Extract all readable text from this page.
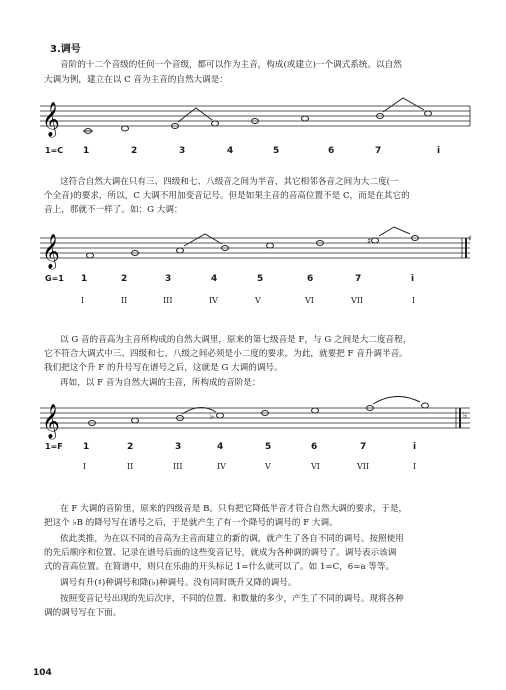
3.调号
音阶的十二个音级的任何一个音级，都可以作为主音，构成(或建立)一个调式系统。以自然
大调为例，建立在以 C 音为主音的自然大调是：
𝄞
1=C 1	2	3	4	5	6	7	i
这符合自然大调在只有三、四级和七、八级音之间为半音，其它相邻各音之间为大二度(一
个全音)的要求，所以，C 大调不用加变音记号。但是如果主音的音高位置不是 C，而是在其它的
音上，那就不一样了。如：G 大调：
𝄞	♯	♯
G=1 1	2	3	4	5	6	7	i
I	II	III	IV	V	VI	VII	I
以 G 音的音高为主音所构成的自然大调里，原来的第七级音是 F，与 G 之间是大二度音程，
它不符合大调式中三、四级和七、八级之间必须是小二度的要求。为此，就要把 F 音升调半音。
我们把这个升 F 的升号写在谱号之后，这就是 G 大调的调号。
再如，以 F 音为自然大调的主音，所构成的音阶是：
𝄞	♭	♭
1=F 1	2	3	4	5	6	7	i
I	II	III	IV	V	VI	VII	I
在 F 大调的音阶里，原来的四级音是 B。只有把它降低半音才符合自然大调的要求，于是，
把这个 ♭B 的降号写在谱号之后，于是就产生了有一个降号的调号的 F 大调。
依此类推，为在以不同的音高为主音而建立的新的调，就产生了各自不同的调号。按照使用
的先后顺序和位置、记录在谱号后面的这些变音记号，就成为各种调的调号了。调号表示该调
式的音高位置。在简谱中，则只在乐曲的开头标记 1=什么就可以了。如 1=C，6=a 等等。
调号有升(♯)种调号和降(♭)种调号。没有同时既升又降的调号。
按照变音记号出现的先后次序，不同的位置、和数量的多少，产生了不同的调号。现将各种
调的调号写在下面。
104
